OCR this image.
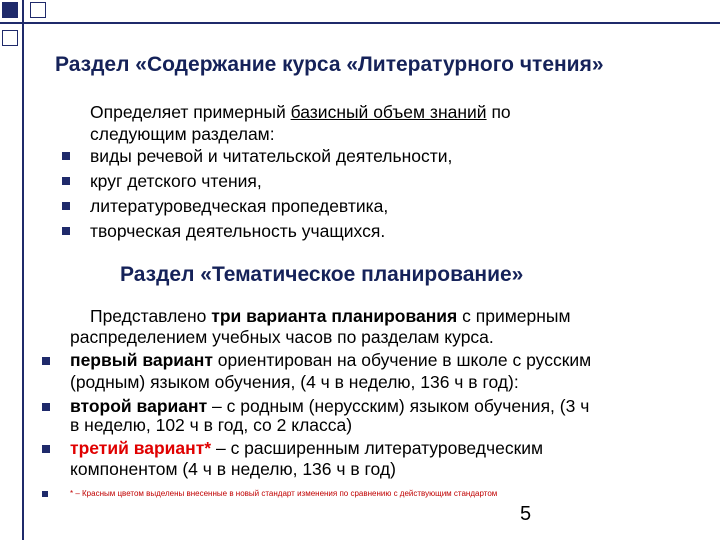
Раздел «Содержание курса «Литературного чтения»
Определяет примерный базисный объем знаний по
следующим разделам:
виды речевой и читательской деятельности,
круг детского чтения,
литературоведческая пропедевтика,
творческая деятельность учащихся.
Раздел «Тематическое планирование»
Представлено три варианта планирования с примерным
распределением учебных часов по разделам курса.
первый вариант ориентирован на обучение в школе с русским
(родным) языком обучения, (4 ч в неделю, 136 ч в год):
второй вариант – с родным (нерусским) языком обучения, (3 ч
в неделю, 102 ч в год, со 2 класса)
третий вариант* – с расширенным литературоведческим
компонентом (4 ч в неделю, 136 ч в год)
* – Красным цветом выделены внесенные в новый стандарт изменения по сравнению с действующим стандартом
5
